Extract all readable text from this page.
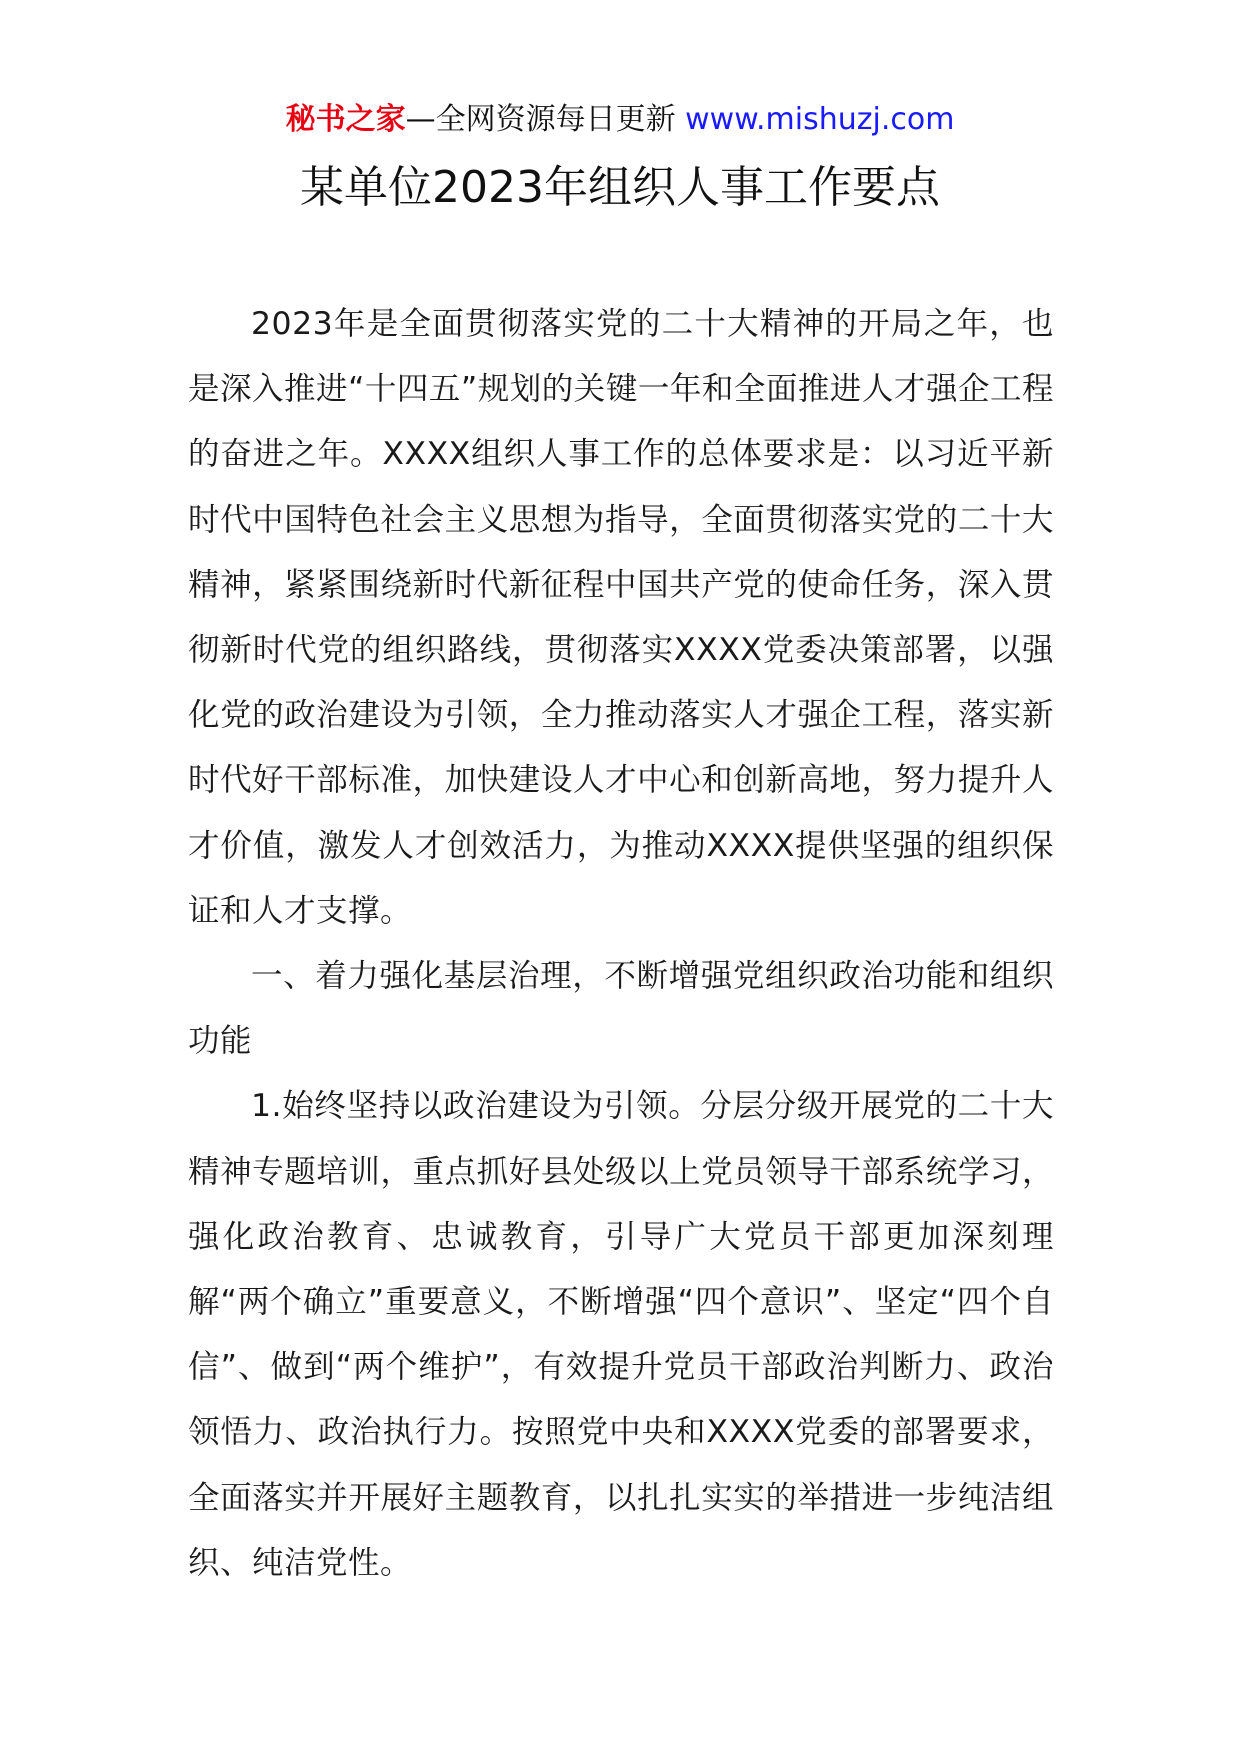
秘书之家—全网资源每日更新 www.mishuzj.com
某单位2023年组织人事工作要点

2023年是全面贯彻落实党的二十大精神的开局之年，也是深入推进“十四五”规划的关键一年和全面推进人才强企工程的奋进之年。XXXX组织人事工作的总体要求是：以习近平新时代中国特色社会主义思想为指导，全面贯彻落实党的二十大精神，紧紧围绕新时代新征程中国共产党的使命任务，深入贯彻新时代党的组织路线，贯彻落实XXXX党委决策部署，以强化党的政治建设为引领，全力推动落实人才强企工程，落实新时代好干部标准，加快建设人才中心和创新高地，努力提升人才价值，激发人才创效活力，为推动XXXX提供坚强的组织保证和人才支撑。

一、着力强化基层治理，不断增强党组织政治功能和组织功能

1.始终坚持以政治建设为引领。分层分级开展党的二十大精神专题培训，重点抓好县处级以上党员领导干部系统学习，强化政治教育、忠诚教育，引导广大党员干部更加深刻理解“两个确立”重要意义，不断增强“四个意识”、坚定“四个自信”、做到“两个维护”，有效提升党员干部政治判断力、政治领悟力、政治执行力。按照党中央和XXXX党委的部署要求，全面落实并开展好主题教育，以扎扎实实的举措进一步纯洁组织、纯洁党性。
